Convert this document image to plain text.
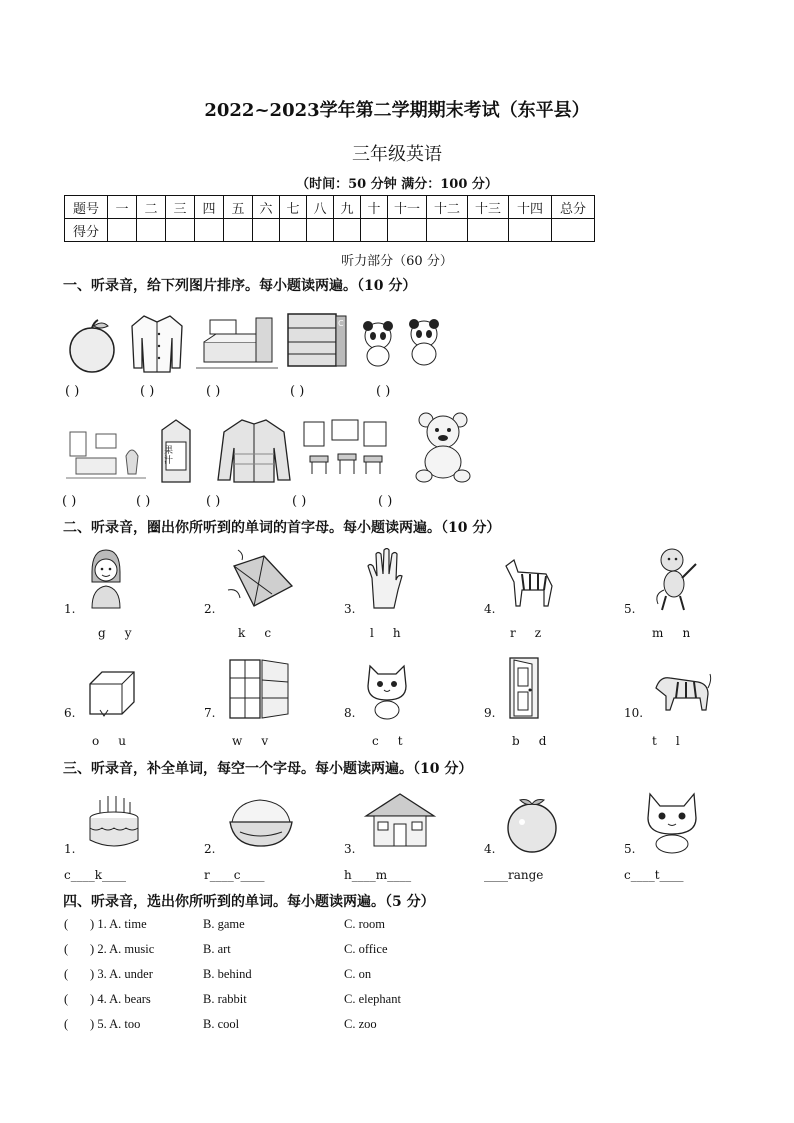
2022~2023学年第二学期期末考试（东平县）
三年级英语
（时间：50 分钟 满分：100 分）
题号	一	二	三	四	五	六	七	八	九	十	十一	十二	十三	十四	总分
得分															
听力部分（60 分）
一、听录音，给下列图片排序。每小题读两遍。（10 分）
C
( )	( )	( )	( )	( )
果汁
( )	( )	( )	( )	( )
二、听录音，圈出你所听到的单词的首字母。每小题读两遍。（10 分）
1.
g     y
2.
k     c
3.
l     h
4.
r     z
5.
m     n
6.
o     u
7.
w     v
8.
c     t
9.
b     d
10.
t     l
三、听录音，补全单词，每空一个字母。每小题读两遍。（10 分）
1.
c____k____
2.
r____c____
3.
h____m____
4.
____range
5.
c____t____
四、听录音，选出你所听到的单词。每小题读两遍。（5 分）
(       ) 1. A. time	B. game	C. room
(       ) 2. A. music	B. art	C. office
(       ) 3. A. under	B. behind	C. on
(       ) 4. A. bears	B. rabbit	C. elephant
(       ) 5. A. too	B. cool	C. zoo
